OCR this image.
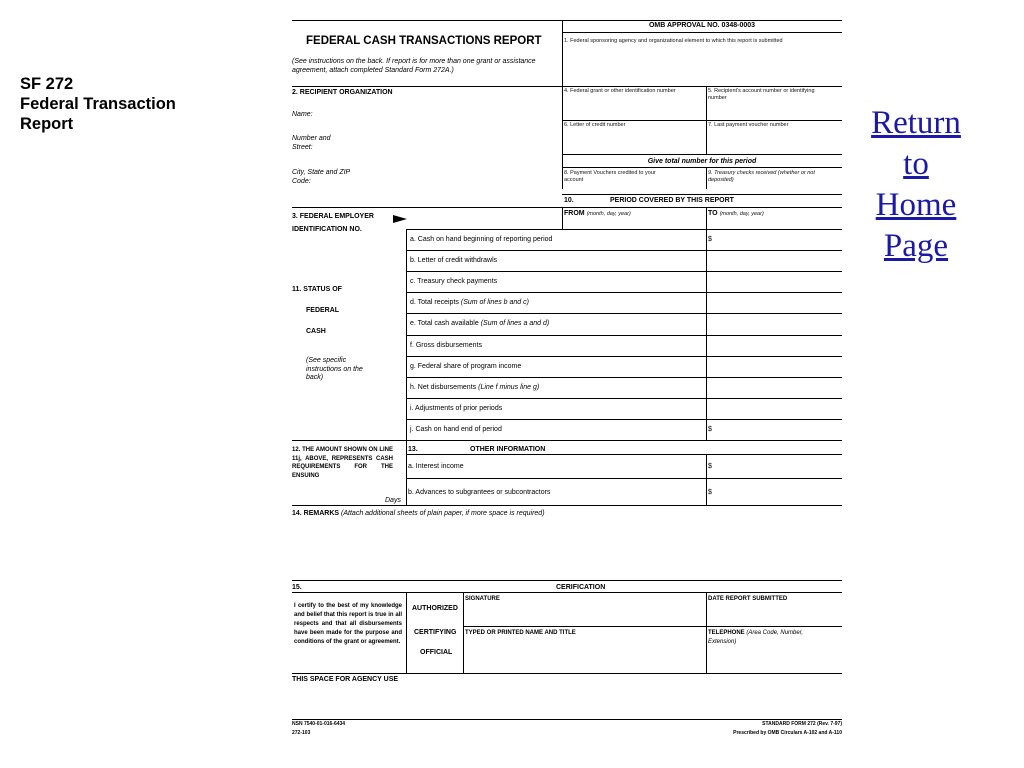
SF 272
Federal Transaction
Report	Return
to
Home
Page
OMB APPROVAL NO. 0348-0003
FEDERAL CASH TRANSACTIONS REPORT
(See instructions on the back. If report is for more than one grant or assistance agreement, attach completed Standard Form 272A.)
1. Federal sponsoring agency and organizational element to which this report is submitted
2. RECIPIENT ORGANIZATION
Name:
Number and Street:
City, State and ZIP Code:
4. Federal grant or other identification number	5. Recipient's account number or identifying number
6. Letter of credit number	7. Last payment voucher number
Give total number for this period
8. Payment Vouchers credited to your account
9. Treasury checks received (whether or not deposited)
10.	PERIOD COVERED BY THIS REPORT
FROM (month, day, year)	TO (month, day, year)
3. FEDERAL EMPLOYER IDENTIFICATION NO.
11. STATUS OF
FEDERAL
CASH
(See specific instructions on the back)
a. Cash on hand beginning of reporting period	$
b. Letter of credit withdrawls
c. Treasury check payments
d. Total receipts (Sum of lines b and c)
e. Total cash available (Sum of lines a and d)
f. Gross disbursements
g. Federal share of program income
h. Net disbursements (Line f minus line g)
i. Adjustments of prior periods
j. Cash on hand end of period	$
12. THE AMOUNT SHOWN ON LINE 11j, ABOVE, REPRESENTS CASH REQUIREMENTS FOR THE ENSUING
Days
13.	OTHER INFORMATION
a. Interest income	$
b. Advances to subgrantees or subcontractors	$
14. REMARKS (Attach additional sheets of plain paper, if more space is required)
15.	CERIFICATION
I certify to the best of my knowledge and belief that this report is true in all respects and that all disbursements have been made for the purpose and conditions of the grant or agreement.
AUTHORIZED
CERTIFYING
OFFICIAL
SIGNATURE	DATE REPORT SUBMITTED
TYPED OR PRINTED NAME AND TITLE	TELEPHONE (Area Code, Number, Extension)
THIS SPACE FOR AGENCY USE
NSN 7540-01-016-6434
272-103
STANDARD FORM 272 (Rev. 7-97)
Prescribed by OMB Circulars A-102 and A-110
